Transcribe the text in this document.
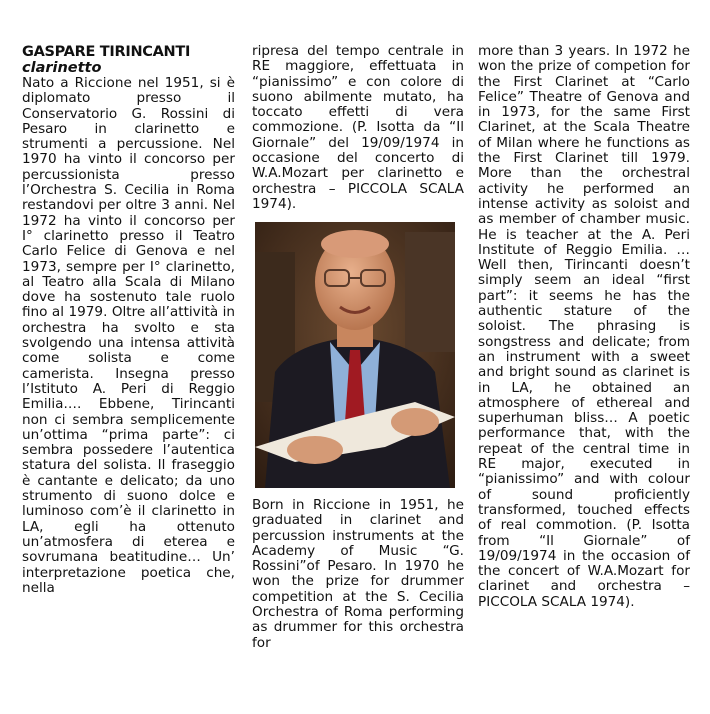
GASPARE TIRINCANTI
clarinetto

Nato a Riccione nel 1951, si è diplomato presso il Conservatorio G. Rossini di Pesaro in clarinetto e strumenti a percussione. Nel 1970 ha vinto il concorso per percussionista presso l’Orchestra S. Cecilia in Roma restandovi per oltre 3 anni. Nel 1972 ha vinto il concorso per I° clarinetto presso il Teatro Carlo Felice di Genova e nel 1973, sempre per I° clarinetto, al Teatro alla Scala di Milano dove ha sostenuto tale ruolo fino al 1979. Oltre all’attività in orchestra ha svolto e sta svolgendo una intensa attività come solista e come camerista. Insegna presso l’Istituto A. Peri di Reggio Emilia.… Ebbene, Tirincanti non ci sembra semplicemente un’ottima “prima parte”: ci sembra possedere l’autentica statura del solista. Il fraseggio è cantante e delicato; da uno strumento di suono dolce e luminoso com’è il clarinetto in LA, egli ha ottenuto un’atmosfera di eterea e sovrumana beatitudine… Un’ interpretazione poetica che, nella

ripresa del tempo centrale in RE maggiore, effettuata in “pianissimo” e con colore di suono abilmente mutato, ha toccato effetti di vera commozione. (P. Isotta da “Il Giornale” del 19/09/1974 in occasione del concerto di W.A.Mozart per clarinetto e orchestra – PICCOLA SCALA 1974).

Born in Riccione in 1951, he graduated in clarinet and percussion instruments at the Academy of Music “G. Rossini”of Pesaro. In 1970 he won the prize for drummer competition at the S. Cecilia Orchestra of Roma performing as drummer for this orchestra for

more than 3 years. In 1972 he won the prize of competion for the First Clarinet at “Carlo Felice” Theatre of Genova and in 1973, for the same First Clarinet, at the Scala Theatre of Milan where he functions as the First Clarinet till 1979. More than the orchestral activity he performed an intense activity as soloist and as member of chamber music. He is teacher at the A. Peri Institute of Reggio Emilia. … Well then, Tirincanti doesn’t simply seem an ideal “first part”: it seems he has the authentic stature of the soloist. The phrasing is songstress and delicate; from an instrument with a sweet and bright sound as clarinet is in LA, he obtained an atmosphere of ethereal and superhuman bliss… A poetic performance that, with the repeat of the central time in RE major, executed in “pianissimo” and with colour of sound proficiently transformed, touched effects of real commotion. (P. Isotta from “Il Giornale” of 19/09/1974 in the occasion of the concert of W.A.Mozart for clarinet and orchestra – PICCOLA SCALA 1974).
